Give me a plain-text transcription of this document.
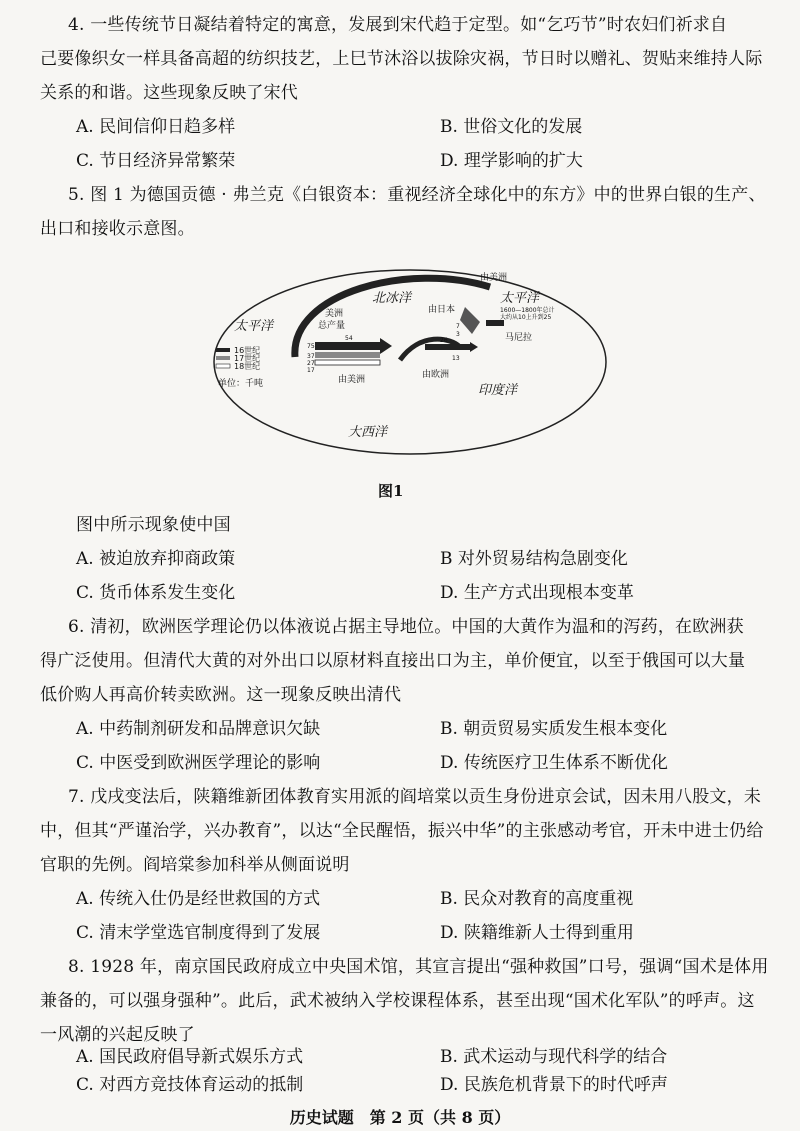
4. 一些传统节日凝结着特定的寓意，发展到宋代趋于定型。如“乞巧节”时农妇们祈求自
己要像织女一样具备高超的纺织技艺，上巳节沐浴以拔除灾祸，节日时以赠礼、贺贴来维持人际
关系的和谐。这些现象反映了宋代
A. 民间信仰日趋多样	B. 世俗文化的发展
C. 节日经济异常繁荣	D. 理学影响的扩大
5. 图 1 为德国贡德 · 弗兰克《白银资本：重视经济全球化中的东方》中的世界白银的生产、
出口和接收示意图。
太平洋
北冰洋	太平洋
印度洋
大西洋
美洲
总产量
由美洲
由美洲
由日本
由欧洲
马尼拉
1600—1800年总计
大约从10上升到25
16世纪
17世纪
18世纪
单位：千吨
75
54
37
27
17
26
13
7
3
图1
图中所示现象使中国
A. 被迫放弃抑商政策	B 对外贸易结构急剧变化
C. 货币体系发生变化	D. 生产方式出现根本变革
6. 清初，欧洲医学理论仍以体液说占据主导地位。中国的大黄作为温和的泻药，在欧洲获
得广泛使用。但清代大黄的对外出口以原材料直接出口为主，单价便宜，以至于俄国可以大量
低价购人再高价转卖欧洲。这一现象反映出清代
A. 中药制剂研发和品牌意识欠缺	B. 朝贡贸易实质发生根本变化
C. 中医受到欧洲医学理论的影响	D. 传统医疗卫生体系不断优化
7. 戊戌变法后，陕籍维新团体教育实用派的阎培棠以贡生身份进京会试，因未用八股文，未
中，但其“严谨治学，兴办教育”，以达“全民醒悟，振兴中华”的主张感动考官，开未中进士仍给
官职的先例。阎培棠参加科举从侧面说明
A. 传统入仕仍是经世救国的方式	B. 民众对教育的高度重视
C. 清末学堂选官制度得到了发展	D. 陕籍维新人士得到重用
8. 1928 年，南京国民政府成立中央国术馆，其宣言提出“强种救国”口号，强调“国术是体用
兼备的，可以强身强种”。此后，武术被纳入学校课程体系，甚至出现“国术化军队”的呼声。这
一风潮的兴起反映了
A. 国民政府倡导新式娱乐方式	B. 武术运动与现代科学的结合
C. 对西方竞技体育运动的抵制	D. 民族危机背景下的时代呼声
历史试题　第 2 页（共 8 页）
